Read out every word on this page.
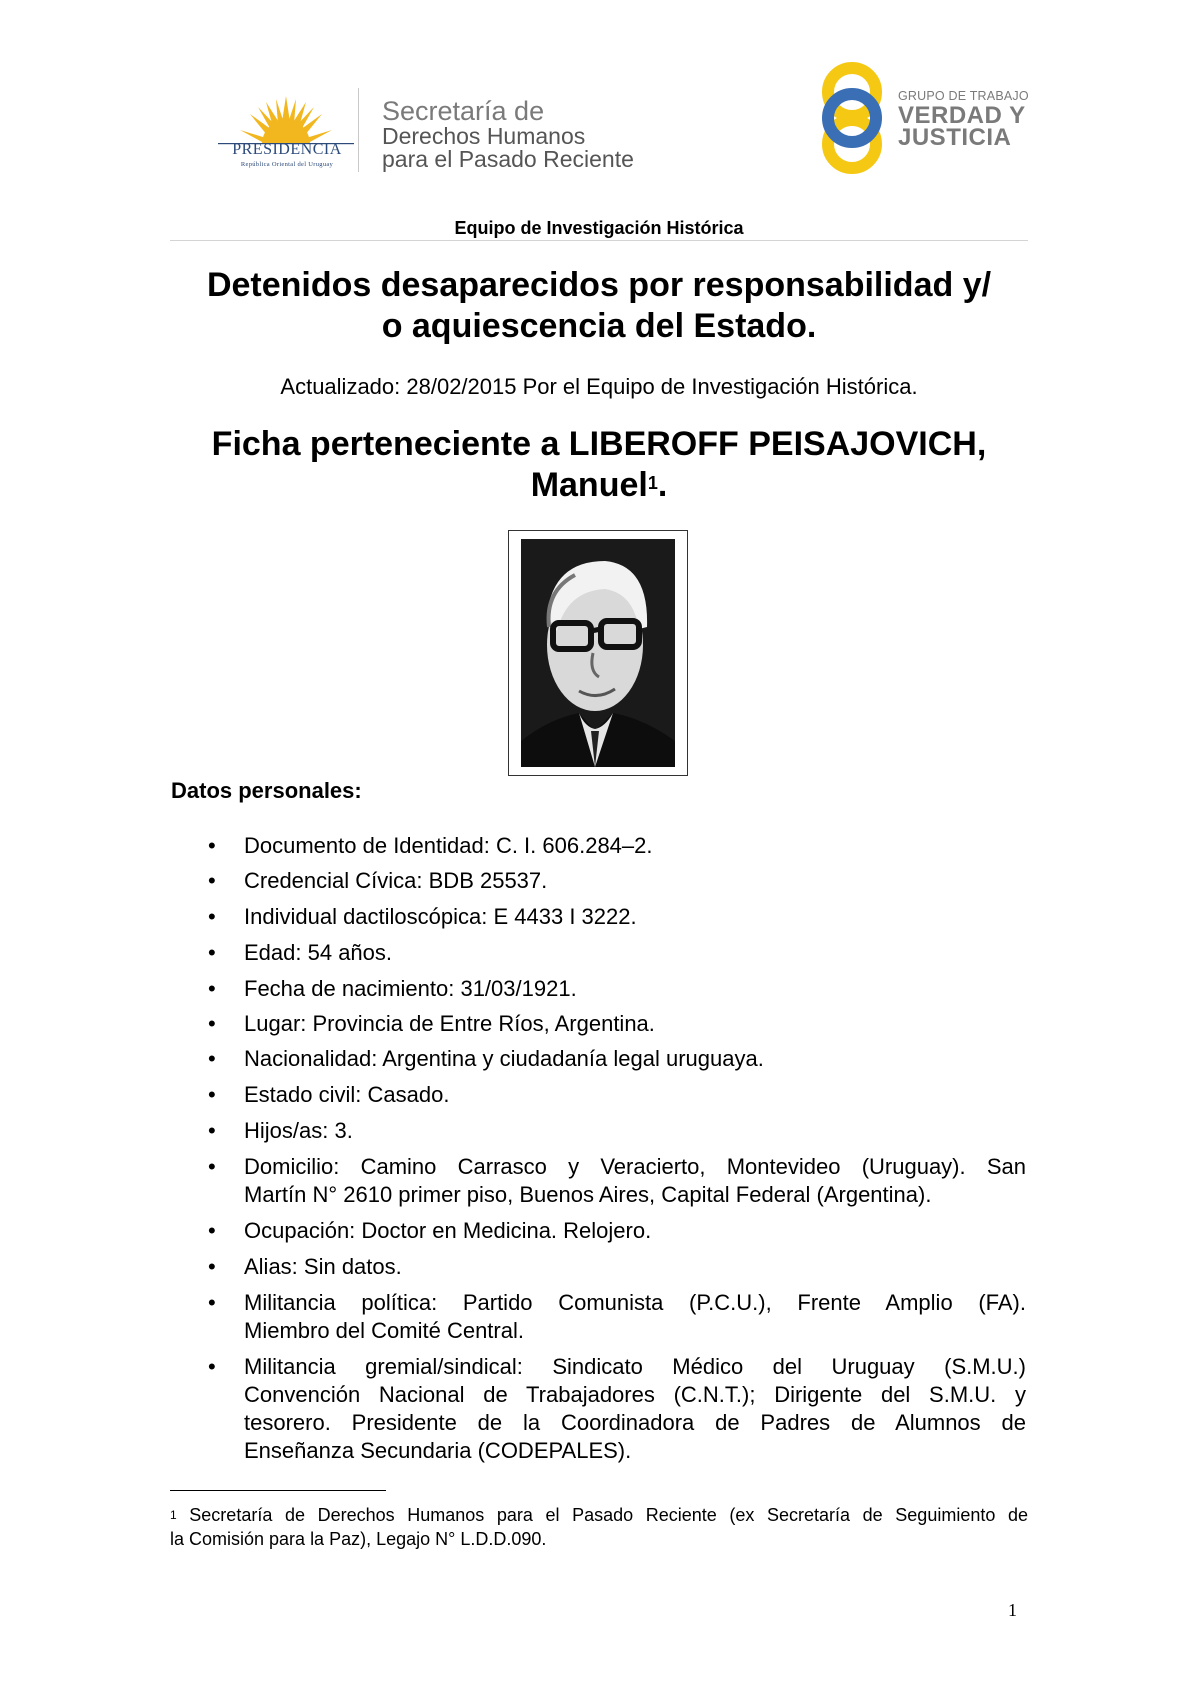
PRESIDENCIA
República Oriental del Uruguay
Secretaría de
Derechos Humanos
para el Pasado Reciente
GRUPO DE TRABAJO
VERDAD Y
JUSTICIA
Equipo de Investigación Histórica
Detenidos desaparecidos por responsabilidad y/
o aquiescencia del Estado.
Actualizado: 28/02/2015 Por el Equipo de Investigación Histórica.
Ficha perteneciente a LIBEROFF PEISAJOVICH,
Manuel$^1$.
Datos personales:
• Documento de Identidad: C. I. 606.284–2.
• Credencial Cívica: BDB 25537.
• Individual dactiloscópica: E 4433 I 3222.
• Edad: 54 años.
• Fecha de nacimiento: 31/03/1921.
• Lugar: Provincia de Entre Ríos, Argentina.
• Nacionalidad: Argentina y ciudadanía legal uruguaya.
• Estado civil: Casado.
• Hijos/as: 3.
• Domicilio: Camino Carrasco y Veracierto, Montevideo (Uruguay). San
Martín N° 2610 primer piso, Buenos Aires, Capital Federal (Argentina).
• Ocupación: Doctor en Medicina. Relojero.
• Alias: Sin datos.
• Militancia política: Partido Comunista (P.C.U.), Frente Amplio (FA).
Miembro del Comité Central.
• Militancia gremial/sindical: Sindicato Médico del Uruguay (S.M.U.)
Convención Nacional de Trabajadores (C.N.T.); Dirigente del S.M.U. y
tesorero. Presidente de la Coordinadora de Padres de Alumnos de
Enseñanza Secundaria (CODEPALES).
$^1$ Secretaría de Derechos Humanos para el Pasado Reciente (ex Secretaría de Seguimiento de
la Comisión para la Paz), Legajo N° L.D.D.090.
1
